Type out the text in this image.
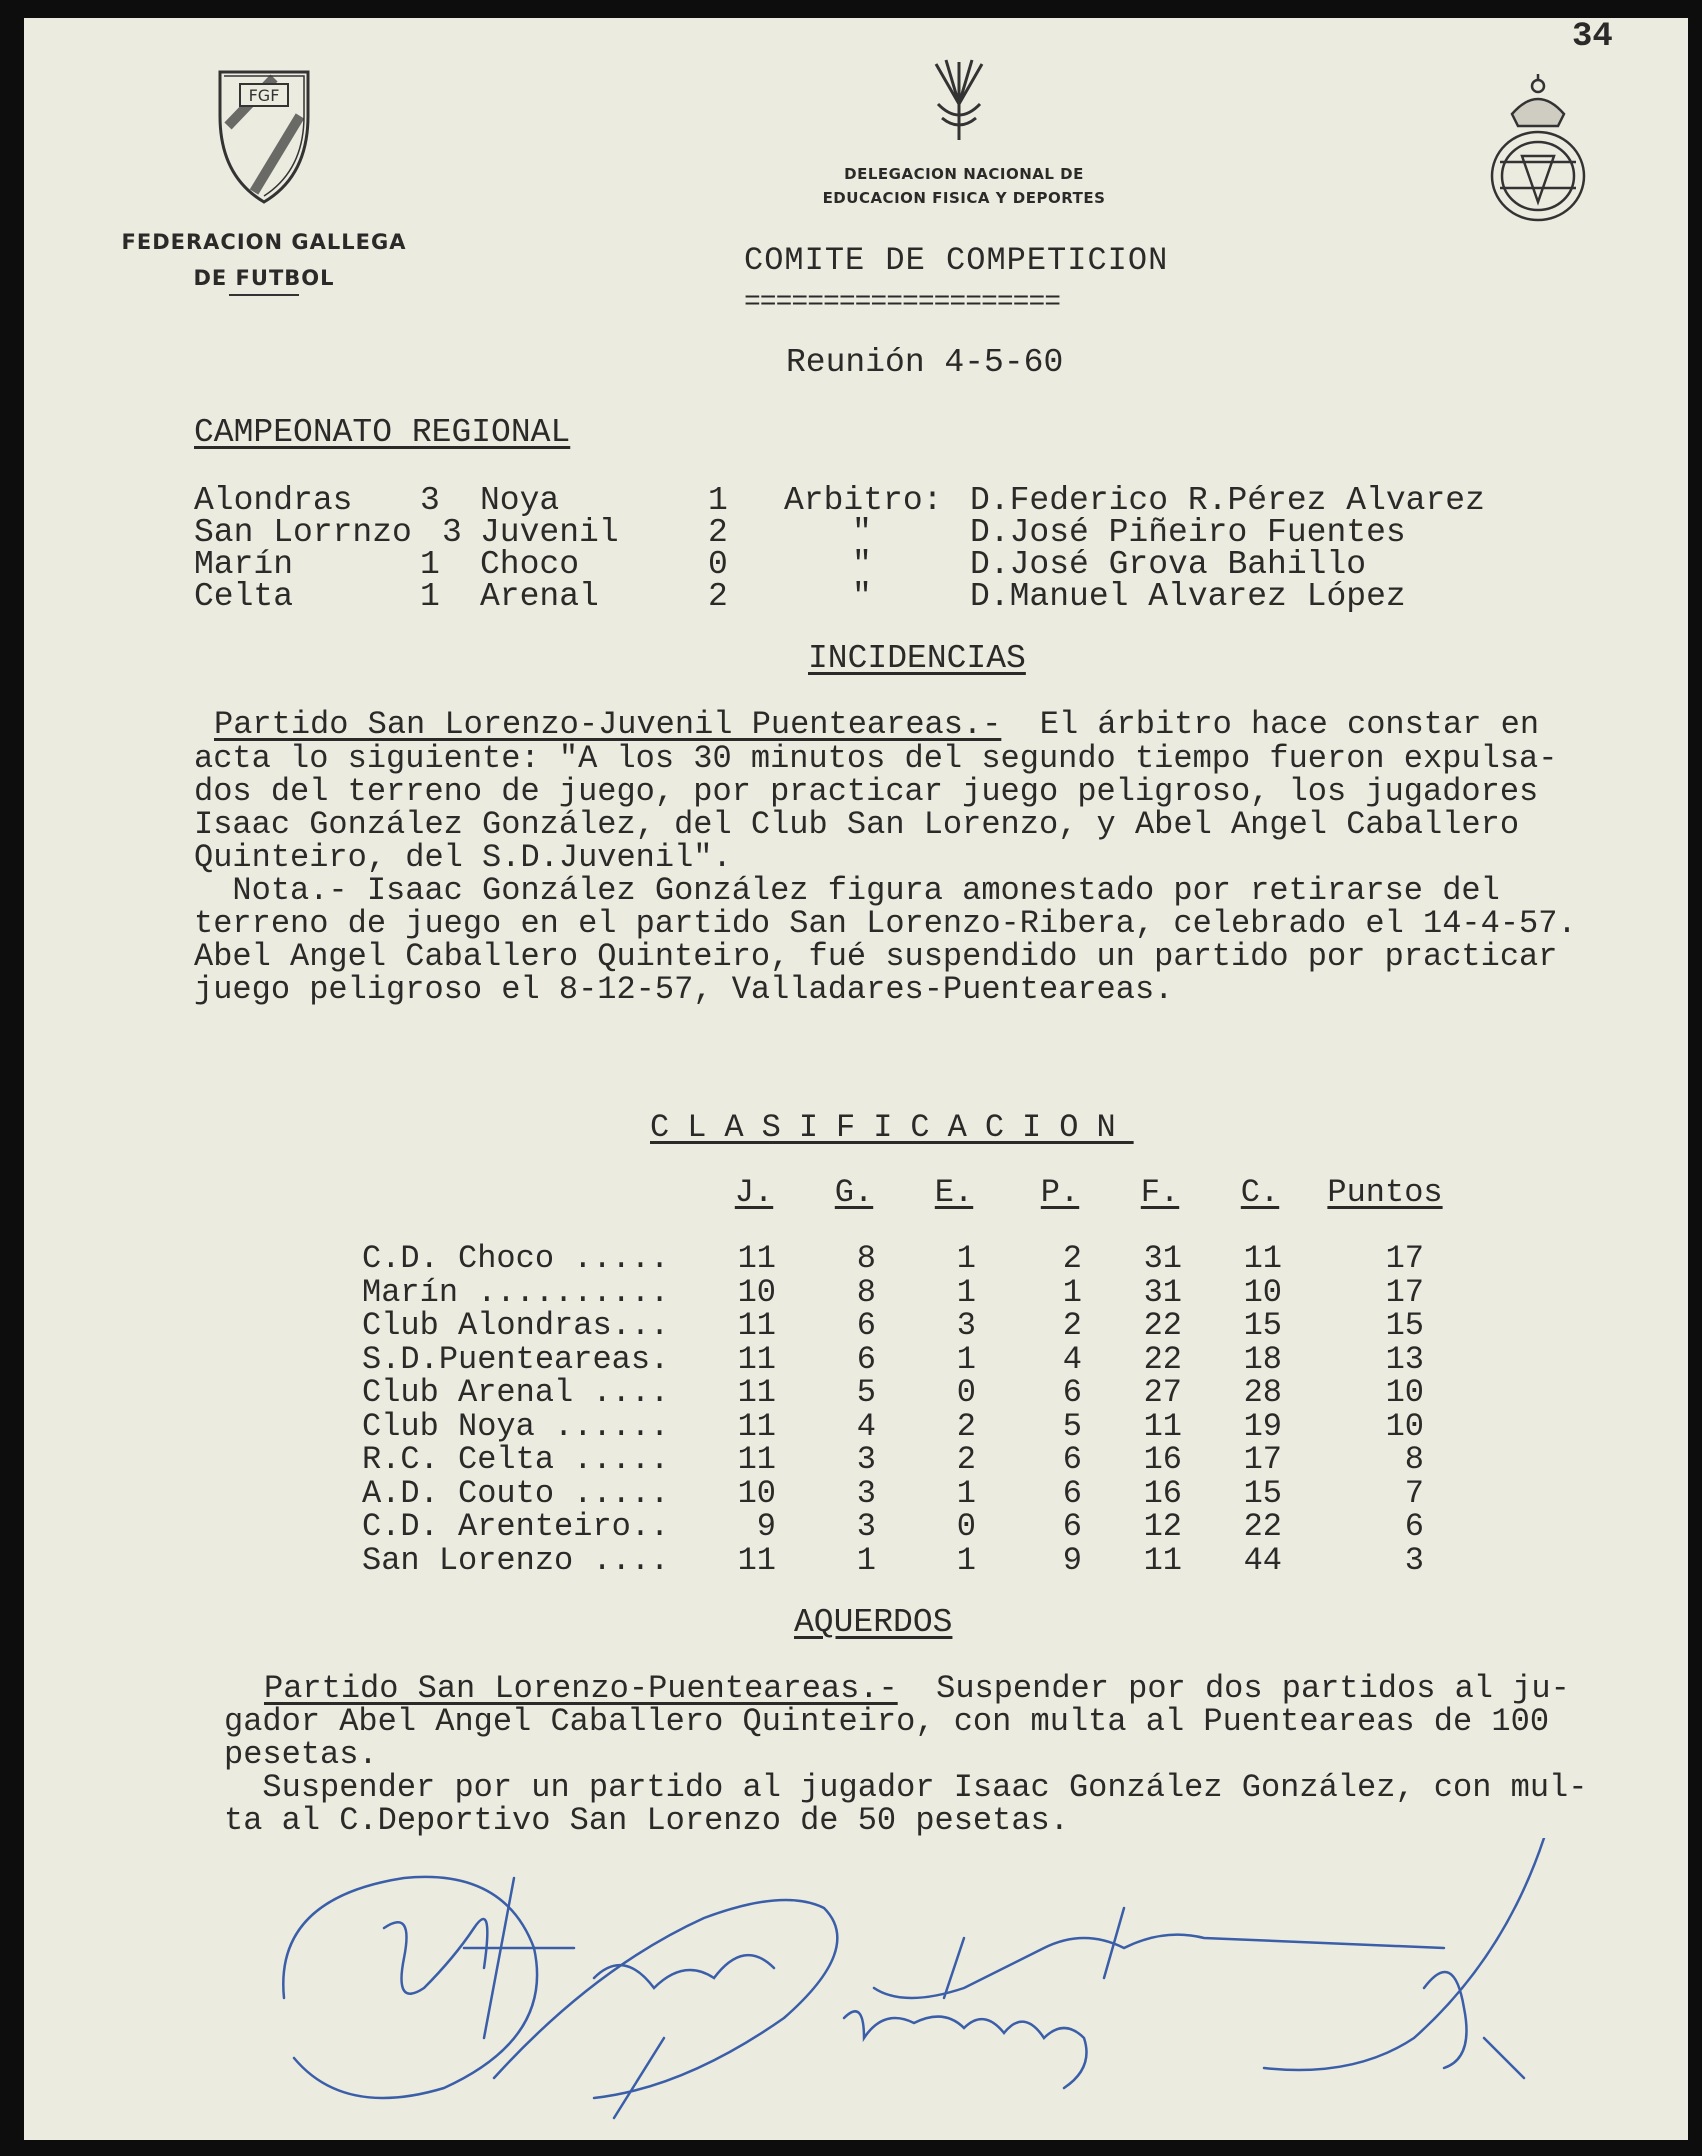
34
FGF
FEDERACION GALLEGA
DE FUTBOL
DELEGACION NACIONAL DE
EDUCACION FISICA Y DEPORTES
COMITE DE COMPETICION
====================
Reunión 4-5-60
CAMPEONATO REGIONAL
Alondras 3 Noya	1 Arbitro: D.Federico R.Pérez Alvarez
San Lorrnzo 3 Juvenil	2	"	D.José Piñeiro Fuentes
Marín	1 Choco	0	"	D.José Grova Bahillo
Celta	1 Arenal	2	"	D.Manuel Alvarez López
INCIDENCIAS
Partido San Lorenzo-Juvenil Puenteareas.- El árbitro hace constar en
acta lo siguiente: "A los 30 minutos del segundo tiempo fueron expulsa-
dos del terreno de juego, por practicar juego peligroso, los jugadores
Isaac González González, del Club San Lorenzo, y Abel Angel Caballero
Quinteiro, del S.D.Juvenil".
Nota.- Isaac González González figura amonestado por retirarse del
terreno de juego en el partido San Lorenzo-Ribera, celebrado el 14-4-57.
Abel Angel Caballero Quinteiro, fué suspendido un partido por practicar
juego peligroso el 8-12-57, Valladares-Puenteareas.
CLASIFICACION
J.	G.	E.	P.	F.	C.	Puntos
C.D. Choco .....	11	8	1	2	31	11	17
Marín ..........	10	8	1	1	31	10	17
Club Alondras...	11	6	3	2	22	15	15
S.D.Puenteareas.	11	6	1	4	22	18	13
Club Arenal ....	11	5	0	6	27	28	10
Club Noya ......	11	4	2	5	11	19	10
R.C. Celta .....	11	3	2	6	16	17	8
A.D. Couto .....	10	3	1	6	16	15	7
C.D. Arenteiro..	9	3	0	6	12	22	6
San Lorenzo ....	11	1	1	9	11	44	3
AQUERDOS
Partido San Lorenzo-Puenteareas.- Suspender por dos partidos al ju-
gador Abel Angel Caballero Quinteiro, con multa al Puenteareas de 100
pesetas.
Suspender por un partido al jugador Isaac González González, con mul-
ta al C.Deportivo San Lorenzo de 50 pesetas.
